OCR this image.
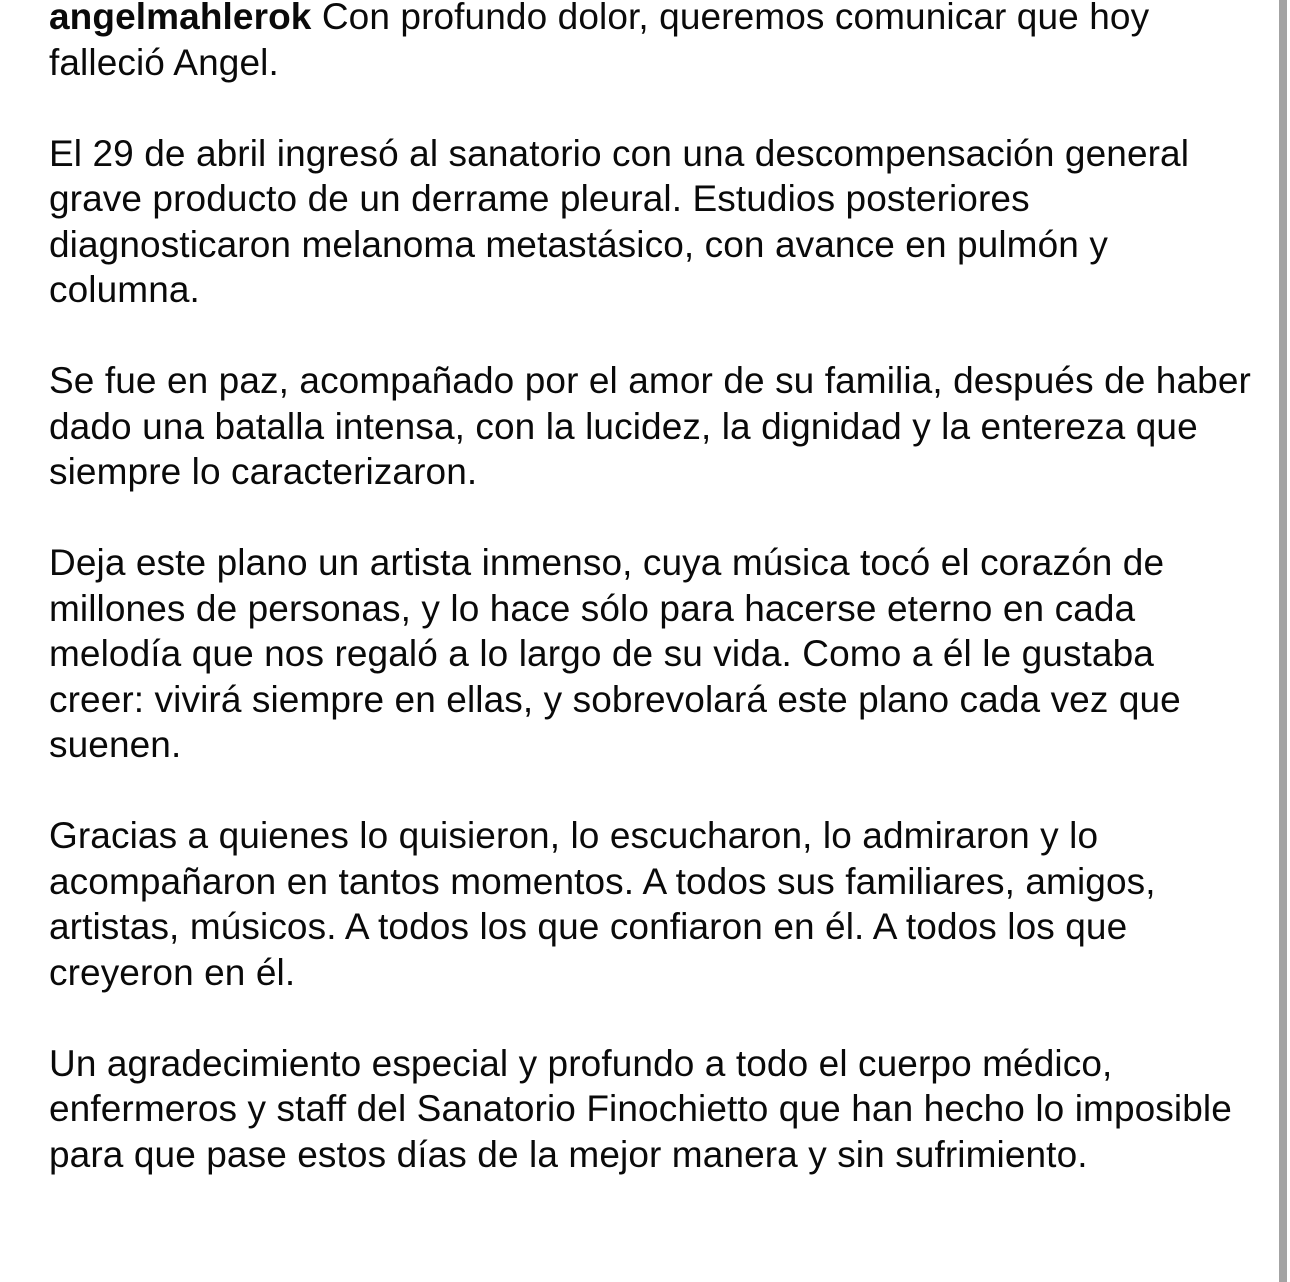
angelmahlerok Con profundo dolor, queremos comunicar que hoy falleció Angel.

El 29 de abril ingresó al sanatorio con una descompensación general grave producto de un derrame pleural. Estudios posteriores diagnosticaron melanoma metastásico, con avance en pulmón y columna.

Se fue en paz, acompañado por el amor de su familia, después de haber dado una batalla intensa, con la lucidez, la dignidad y la entereza que siempre lo caracterizaron.

Deja este plano un artista inmenso, cuya música tocó el corazón de millones de personas, y lo hace sólo para hacerse eterno en cada melodía que nos regaló a lo largo de su vida. Como a él le gustaba creer: vivirá siempre en ellas, y sobrevolará este plano cada vez que suenen.

Gracias a quienes lo quisieron, lo escucharon, lo admiraron y lo acompañaron en tantos momentos. A todos sus familiares, amigos, artistas, músicos. A todos los que confiaron en él. A todos los que creyeron en él.

Un agradecimiento especial y profundo a todo el cuerpo médico, enfermeros y staff del Sanatorio Finochietto que han hecho lo imposible para que pase estos días de la mejor manera y sin sufrimiento.
